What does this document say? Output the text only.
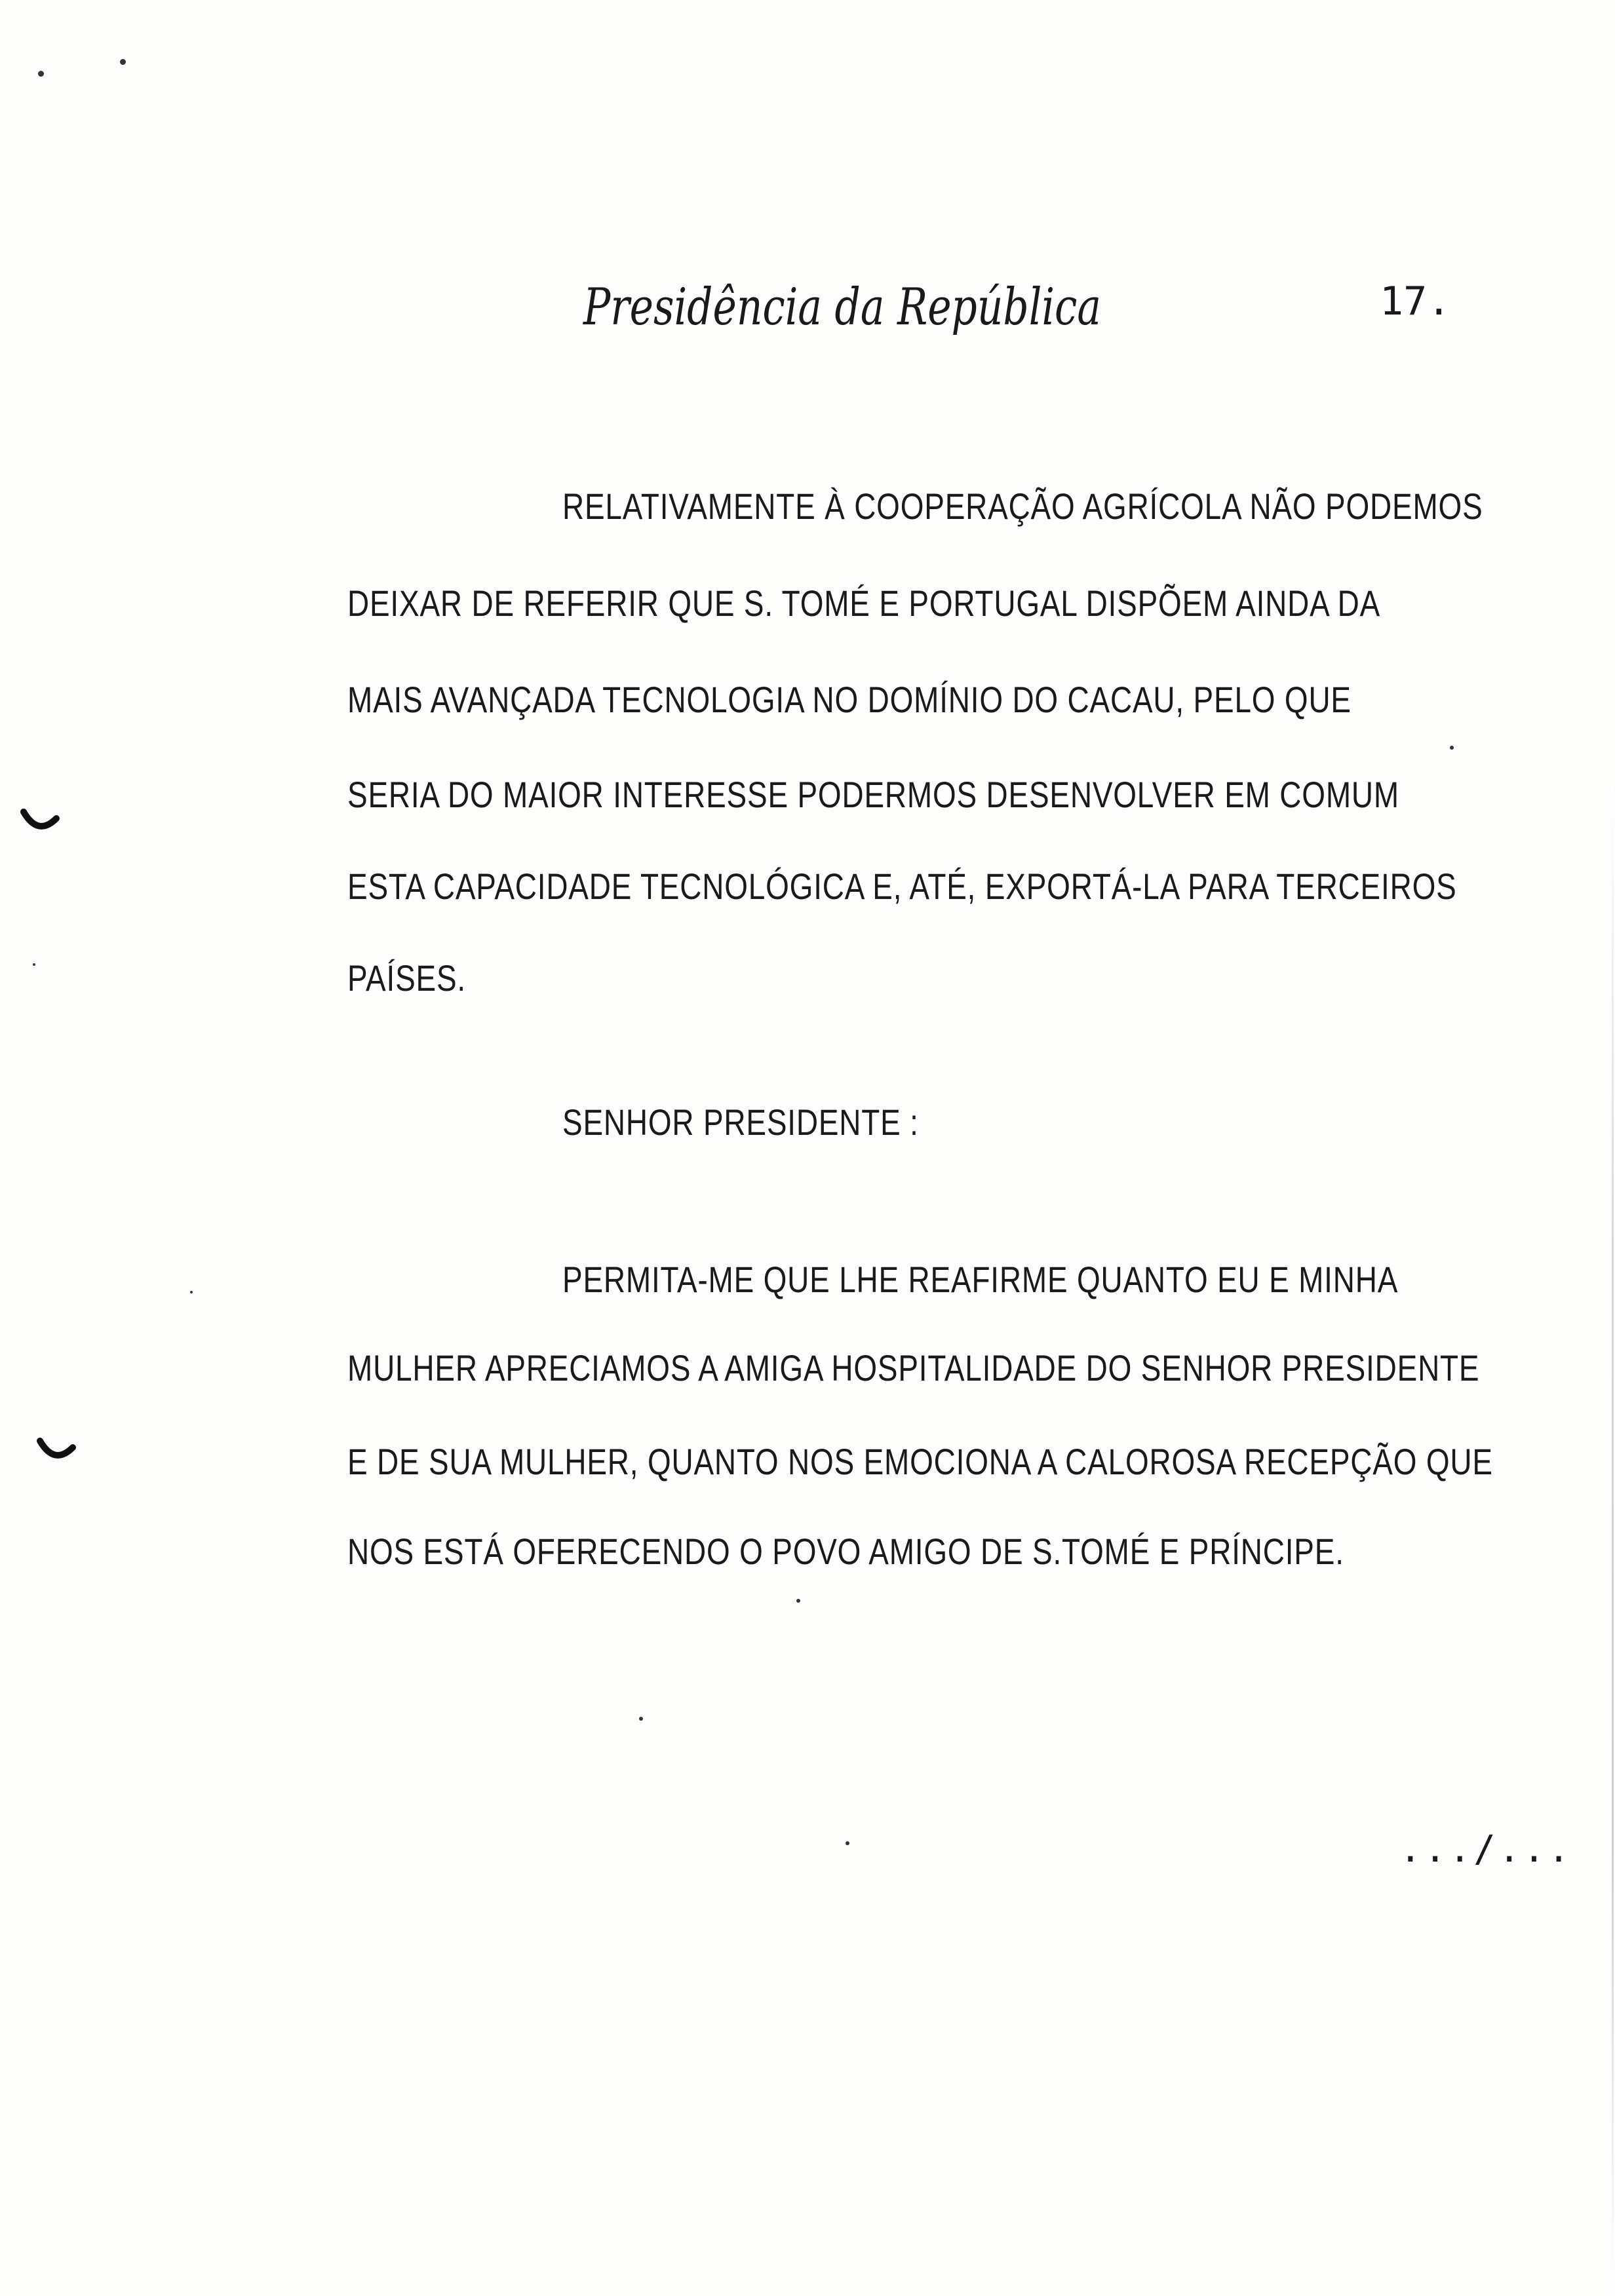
Presidência da República	17.
RELATIVAMENTE À COOPERAÇÃO AGRÍCOLA NÃO PODEMOS
DEIXAR DE REFERIR QUE S. TOMÉ E PORTUGAL DISPÕEM AINDA DA
MAIS AVANÇADA TECNOLOGIA NO DOMÍNIO DO CACAU, PELO QUE
SERIA DO MAIOR INTERESSE PODERMOS DESENVOLVER EM COMUM
ESTA CAPACIDADE TECNOLÓGICA E, ATÉ, EXPORTÁ-LA PARA TERCEIROS
PAÍSES.
SENHOR PRESIDENTE :
PERMITA-ME QUE LHE REAFIRME QUANTO EU E MINHA
MULHER APRECIAMOS A AMIGA HOSPITALIDADE DO SENHOR PRESIDENTE
E DE SUA MULHER, QUANTO NOS EMOCIONA A CALOROSA RECEPÇÃO QUE
NOS ESTÁ OFERECENDO O POVO AMIGO DE S.TOMÉ E PRÍNCIPE.
.../...
